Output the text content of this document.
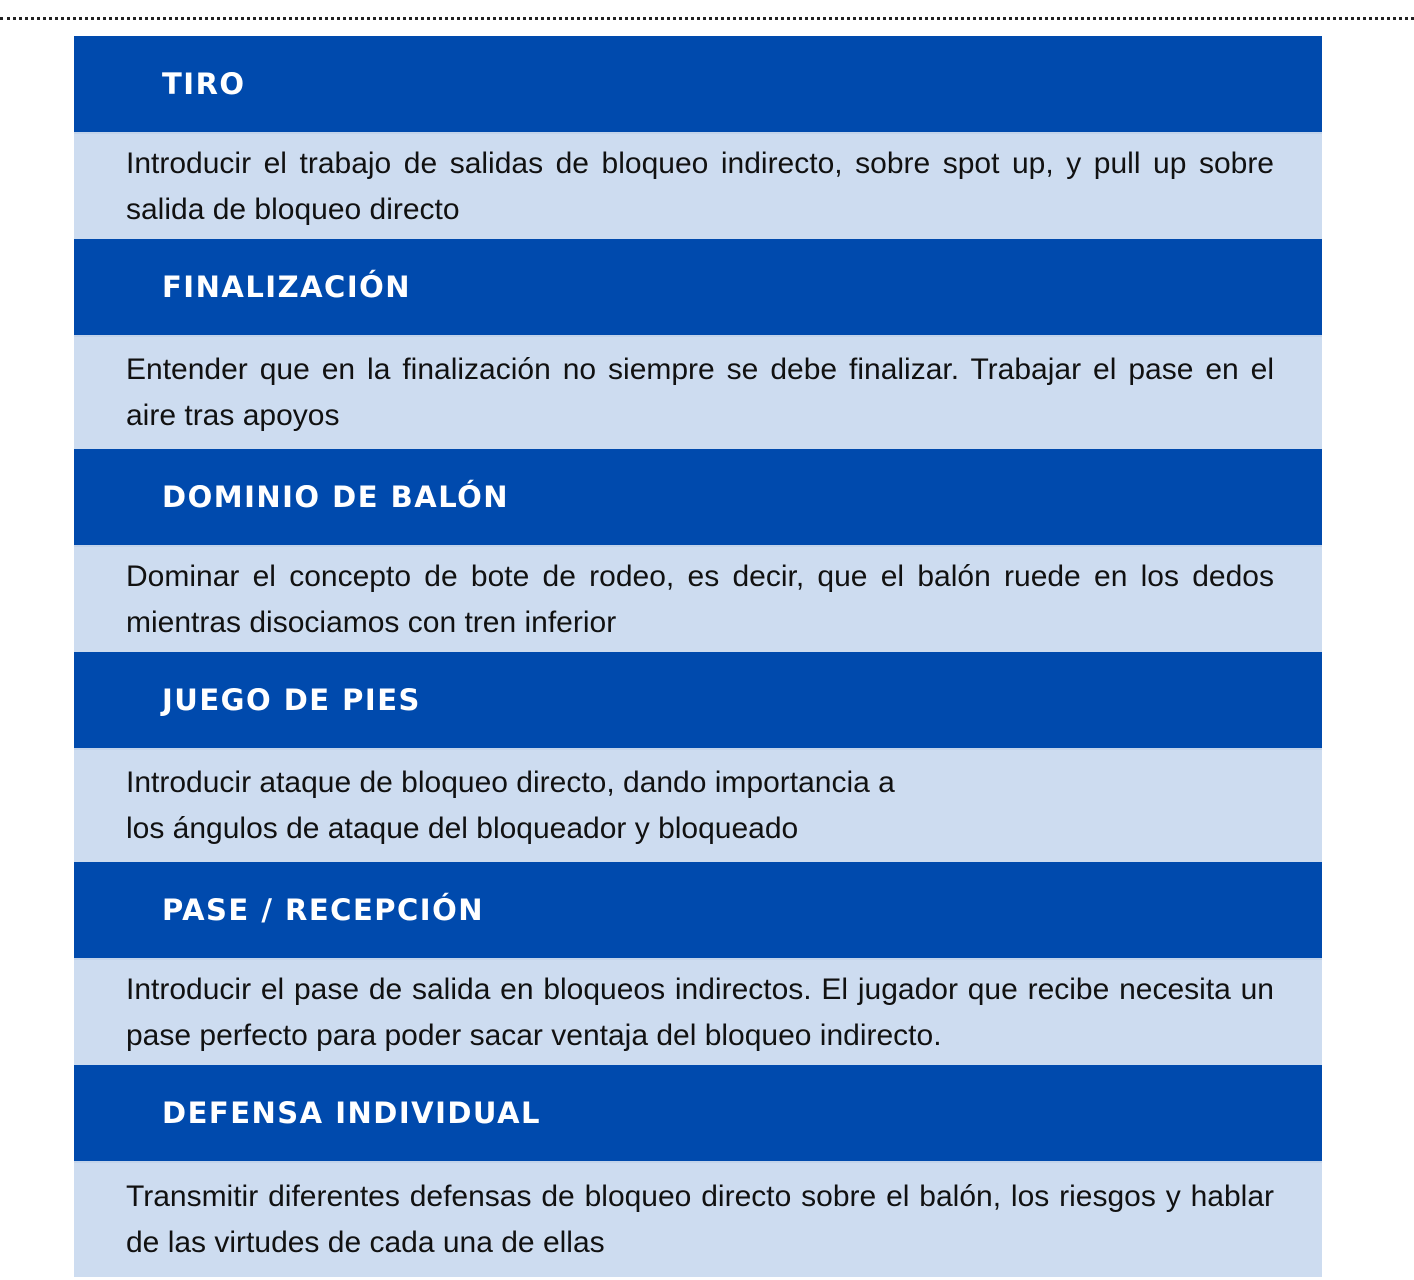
TIRO
Introducir el trabajo de salidas de bloqueo indirecto, sobre spot up, y pull up sobre salida de bloqueo directo
FINALIZACIÓN
Entender que en la finalización no siempre se debe finalizar. Trabajar el pase en el aire tras apoyos
DOMINIO DE BALÓN
Dominar el concepto de bote de rodeo, es decir, que el balón ruede en los dedos mientras disociamos con tren inferior
JUEGO DE PIES
Introducir ataque de bloqueo directo, dando importancia a
los ángulos de ataque del bloqueador y bloqueado
PASE / RECEPCIÓN
Introducir el pase de salida en bloqueos indirectos. El jugador que recibe necesita un pase perfecto para poder sacar ventaja del bloqueo indirecto.
DEFENSA INDIVIDUAL
Transmitir diferentes defensas de bloqueo directo sobre el balón, los riesgos y hablar de las virtudes de cada una de ellas
